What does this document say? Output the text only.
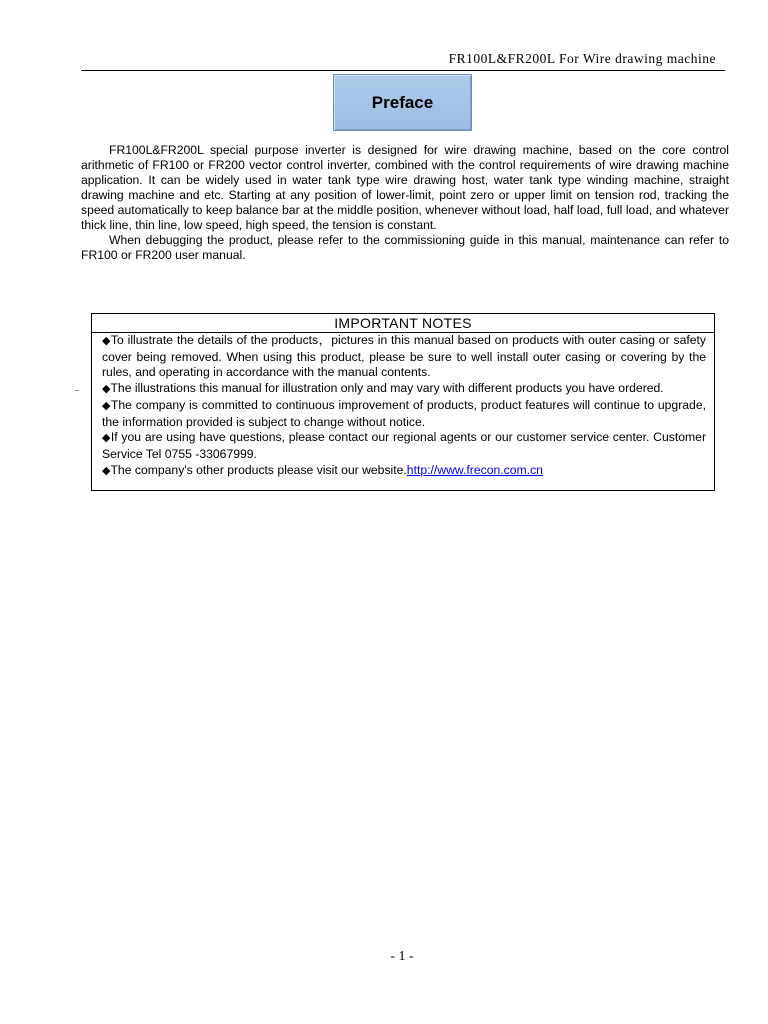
FR100L&FR200L For Wire drawing machine
Preface

FR100L&FR200L special purpose inverter is designed for wire drawing machine, based on the core control arithmetic of FR100 or FR200 vector control inverter, combined with the control requirements of wire drawing machine application. It can be widely used in water tank type wire drawing host, water tank type winding machine, straight drawing machine and etc. Starting at any position of lower-limit, point zero or upper limit on tension rod, tracking the speed automatically to keep balance bar at the middle position, whenever without load, half load, full load, and whatever thick line, thin line, low speed, high speed, the tension is constant.

When debugging the product, please refer to the commissioning guide in this manual, maintenance can refer to FR100 or FR200 user manual.

IMPORTANT NOTES

◆To illustrate the details of the products，pictures in this manual based on products with outer casing or safety cover being removed. When using this product, please be sure to well install outer casing or covering by the rules, and operating in accordance with the manual contents.

◆The illustrations this manual for illustration only and may vary with different products you have ordered.

◆The company is committed to continuous improvement of products, product features will continue to upgrade, the information provided is subject to change without notice.

◆If you are using have questions, please contact our regional agents or our customer service center. Customer Service Tel 0755 -33067999.

◆The company's other products please visit our website.http://www.frecon.com.cn

- 1 -
